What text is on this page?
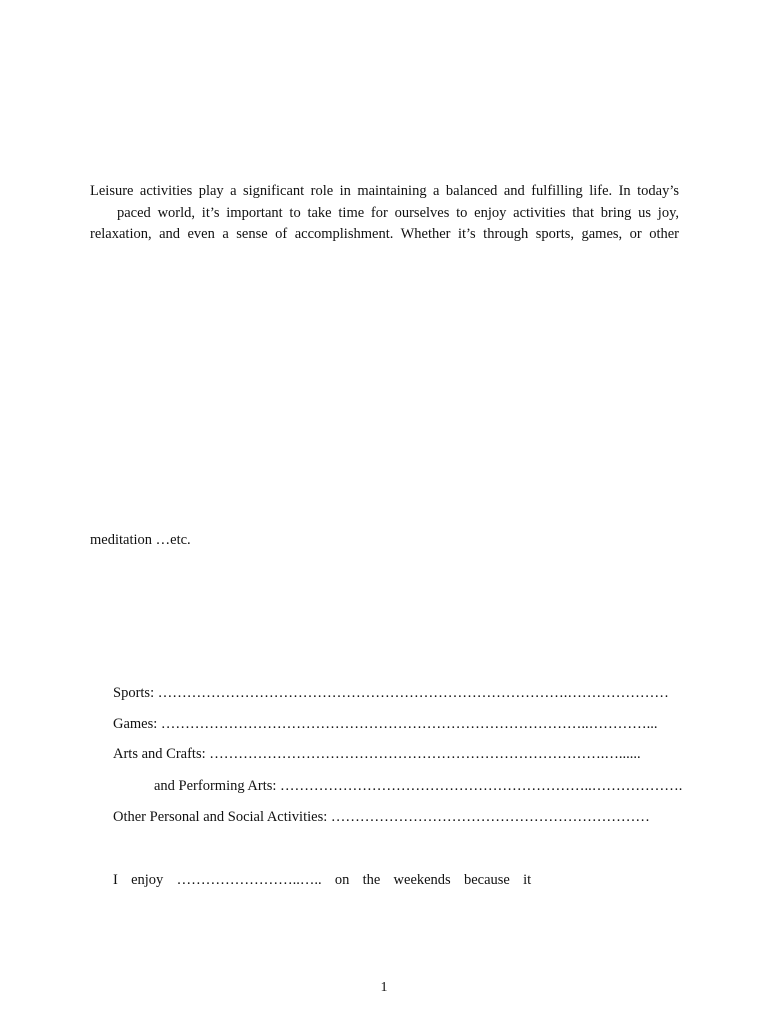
Leisure activities play a significant role in maintaining a balanced and fulfilling life. In today’s
paced world, it’s important to take time for ourselves to enjoy activities that bring us joy,
relaxation, and even a sense of accomplishment. Whether it’s through sports, games, or other
meditation …etc.
Sports: ………………………………………………………………………….…………………
Games: ……………………………………………………………………………..…………...
Arts and Crafts: ……………………………………………………………………….…......
and Performing Arts: ………………………………………………………..……………….
Other Personal and Social Activities: …………………………………………………………
I enjoy ……………………..….. on the weekends because it
1
